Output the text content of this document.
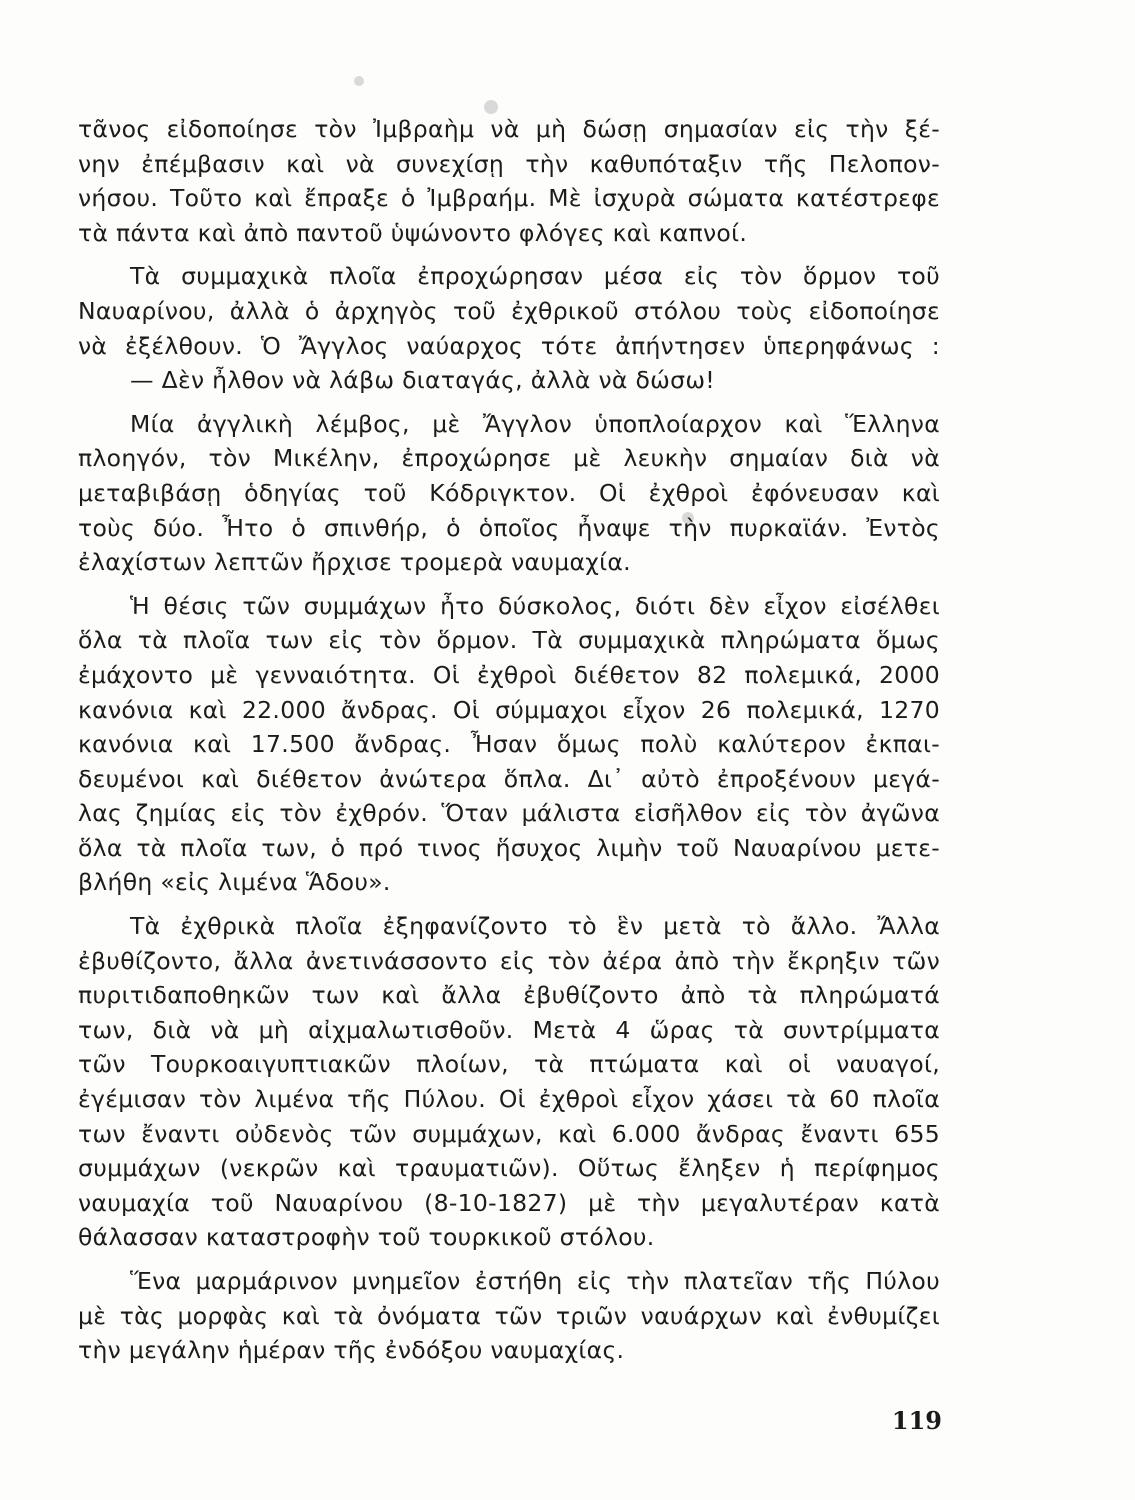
τᾶνος εἰδοποίησε τὸν Ἰμβραὴμ νὰ μὴ δώσῃ σημασίαν εἰς τὴν ξέ-
νην ἐπέμβασιν καὶ νὰ συνεχίσῃ τὴν καθυπόταξιν τῆς Πελοπον-
νήσου. Τοῦτο καὶ ἔπραξε ὁ Ἰμβραήμ. Μὲ ἰσχυρὰ σώματα κατέστρεφε
τὰ πάντα καὶ ἀπὸ παντοῦ ὑψώνοντο φλόγες καὶ καπνοί.
Τὰ συμμαχικὰ πλοῖα ἐπροχώρησαν μέσα εἰς τὸν ὅρμον τοῦ
Ναυαρίνου, ἀλλὰ ὁ ἀρχηγὸς τοῦ ἐχθρικοῦ στόλου τοὺς εἰδοποίησε
νὰ ἐξέλθουν. Ὁ Ἄγγλος ναύαρχος τότε ἀπήντησεν ὑπερηφάνως :
— Δὲν ἦλθον νὰ λάβω διαταγάς, ἀλλὰ νὰ δώσω!
Μία ἀγγλικὴ λέμβος, μὲ Ἄγγλον ὑποπλοίαρχον καὶ Ἕλληνα
πλοηγόν, τὸν Μικέλην, ἐπροχώρησε μὲ λευκὴν σημαίαν διὰ νὰ
μεταβιβάσῃ ὁδηγίας τοῦ Κόδριγκτον. Οἱ ἐχθροὶ ἐφόνευσαν καὶ
τοὺς δύο. Ἦτο ὁ σπινθήρ, ὁ ὁποῖος ἦναψε τὴν πυρκαϊάν. Ἐντὸς
ἐλαχίστων λεπτῶν ἤρχισε τρομερὰ ναυμαχία.
Ἡ θέσις τῶν συμμάχων ἦτο δύσκολος, διότι δὲν εἶχον εἰσέλθει
ὅλα τὰ πλοῖα των εἰς τὸν ὅρμον. Τὰ συμμαχικὰ πληρώματα ὅμως
ἐμάχοντο μὲ γενναιότητα. Οἱ ἐχθροὶ διέθετον 82 πολεμικά, 2000
κανόνια καὶ 22.000 ἄνδρας. Οἱ σύμμαχοι εἶχον 26 πολεμικά, 1270
κανόνια καὶ 17.500 ἄνδρας. Ἦσαν ὅμως πολὺ καλύτερον ἐκπαι-
δευμένοι καὶ διέθετον ἀνώτερα ὅπλα. Δι᾽ αὐτὸ ἐπροξένουν μεγά-
λας ζημίας εἰς τὸν ἐχθρόν. Ὅταν μάλιστα εἰσῆλθον εἰς τὸν ἀγῶνα
ὅλα τὰ πλοῖα των, ὁ πρό τινος ἥσυχος λιμὴν τοῦ Ναυαρίνου μετε-
βλήθη «εἰς λιμένα Ἅδου».
Τὰ ἐχθρικὰ πλοῖα ἐξηφανίζοντο τὸ ἓν μετὰ τὸ ἄλλο. Ἄλλα
ἐβυθίζοντο, ἄλλα ἀνετινάσσοντο εἰς τὸν ἀέρα ἀπὸ τὴν ἔκρηξιν τῶν
πυριτιδαποθηκῶν των καὶ ἄλλα ἐβυθίζοντο ἀπὸ τὰ πληρώματά
των, διὰ νὰ μὴ αἰχμαλωτισθοῦν. Μετὰ 4 ὥρας τὰ συντρίμματα
τῶν Τουρκοαιγυπτιακῶν πλοίων, τὰ πτώματα καὶ οἱ ναυαγοί,
ἐγέμισαν τὸν λιμένα τῆς Πύλου. Οἱ ἐχθροὶ εἶχον χάσει τὰ 60 πλοῖα
των ἔναντι οὐδενὸς τῶν συμμάχων, καὶ 6.000 ἄνδρας ἔναντι 655
συμμάχων (νεκρῶν καὶ τραυματιῶν). Οὕτως ἔληξεν ἡ περίφημος
ναυμαχία τοῦ Ναυαρίνου (8-10-1827) μὲ τὴν μεγαλυτέραν κατὰ
θάλασσαν καταστροφὴν τοῦ τουρκικοῦ στόλου.
Ἕνα μαρμάρινον μνημεῖον ἐστήθη εἰς τὴν πλατεῖαν τῆς Πύλου
μὲ τὰς μορφὰς καὶ τὰ ὀνόματα τῶν τριῶν ναυάρχων καὶ ἐνθυμίζει
τὴν μεγάλην ἡμέραν τῆς ἐνδόξου ναυμαχίας.
119
